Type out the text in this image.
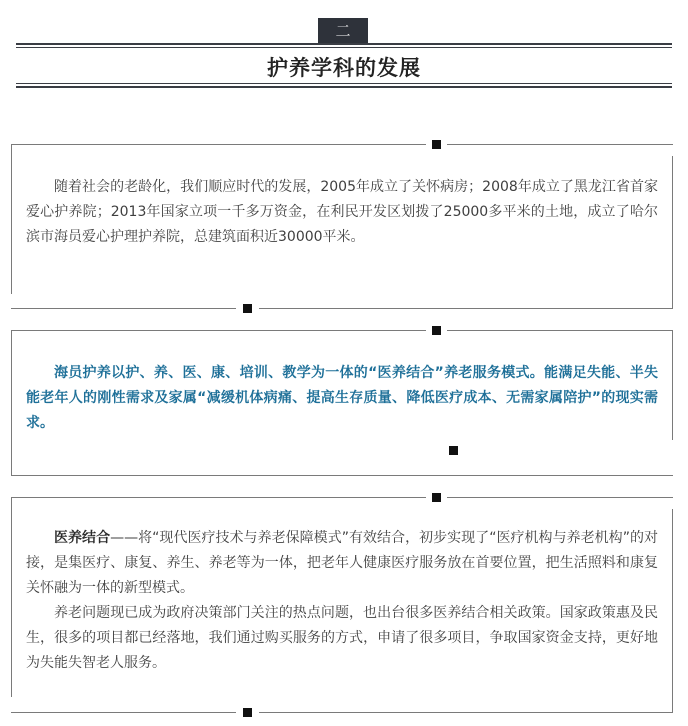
二
护养学科的发展

随着社会的老龄化，我们顺应时代的发展，2005年成立了关怀病房；2008年成立了黑龙江省首家爱心护养院；2013年国家立项一千多万资金，在利民开发区划拨了25000多平米的土地，成立了哈尔滨市海员爱心护理护养院，总建筑面积近30000平米。

海员护养以护、养、医、康、培训、教学为一体的“医养结合”养老服务模式。能满足失能、半失能老年人的刚性需求及家属“减缓机体病痛、提高生存质量、降低医疗成本、无需家属陪护”的现实需求。

医养结合——将“现代医疗技术与养老保障模式”有效结合，初步实现了“医疗机构与养老机构”的对接，是集医疗、康复、养生、养老等为一体，把老年人健康医疗服务放在首要位置，把生活照料和康复关怀融为一体的新型模式。

养老问题现已成为政府决策部门关注的热点问题，也出台很多医养结合相关政策。国家政策惠及民生，很多的项目都已经落地，我们通过购买服务的方式，申请了很多项目，争取国家资金支持，更好地为失能失智老人服务。
